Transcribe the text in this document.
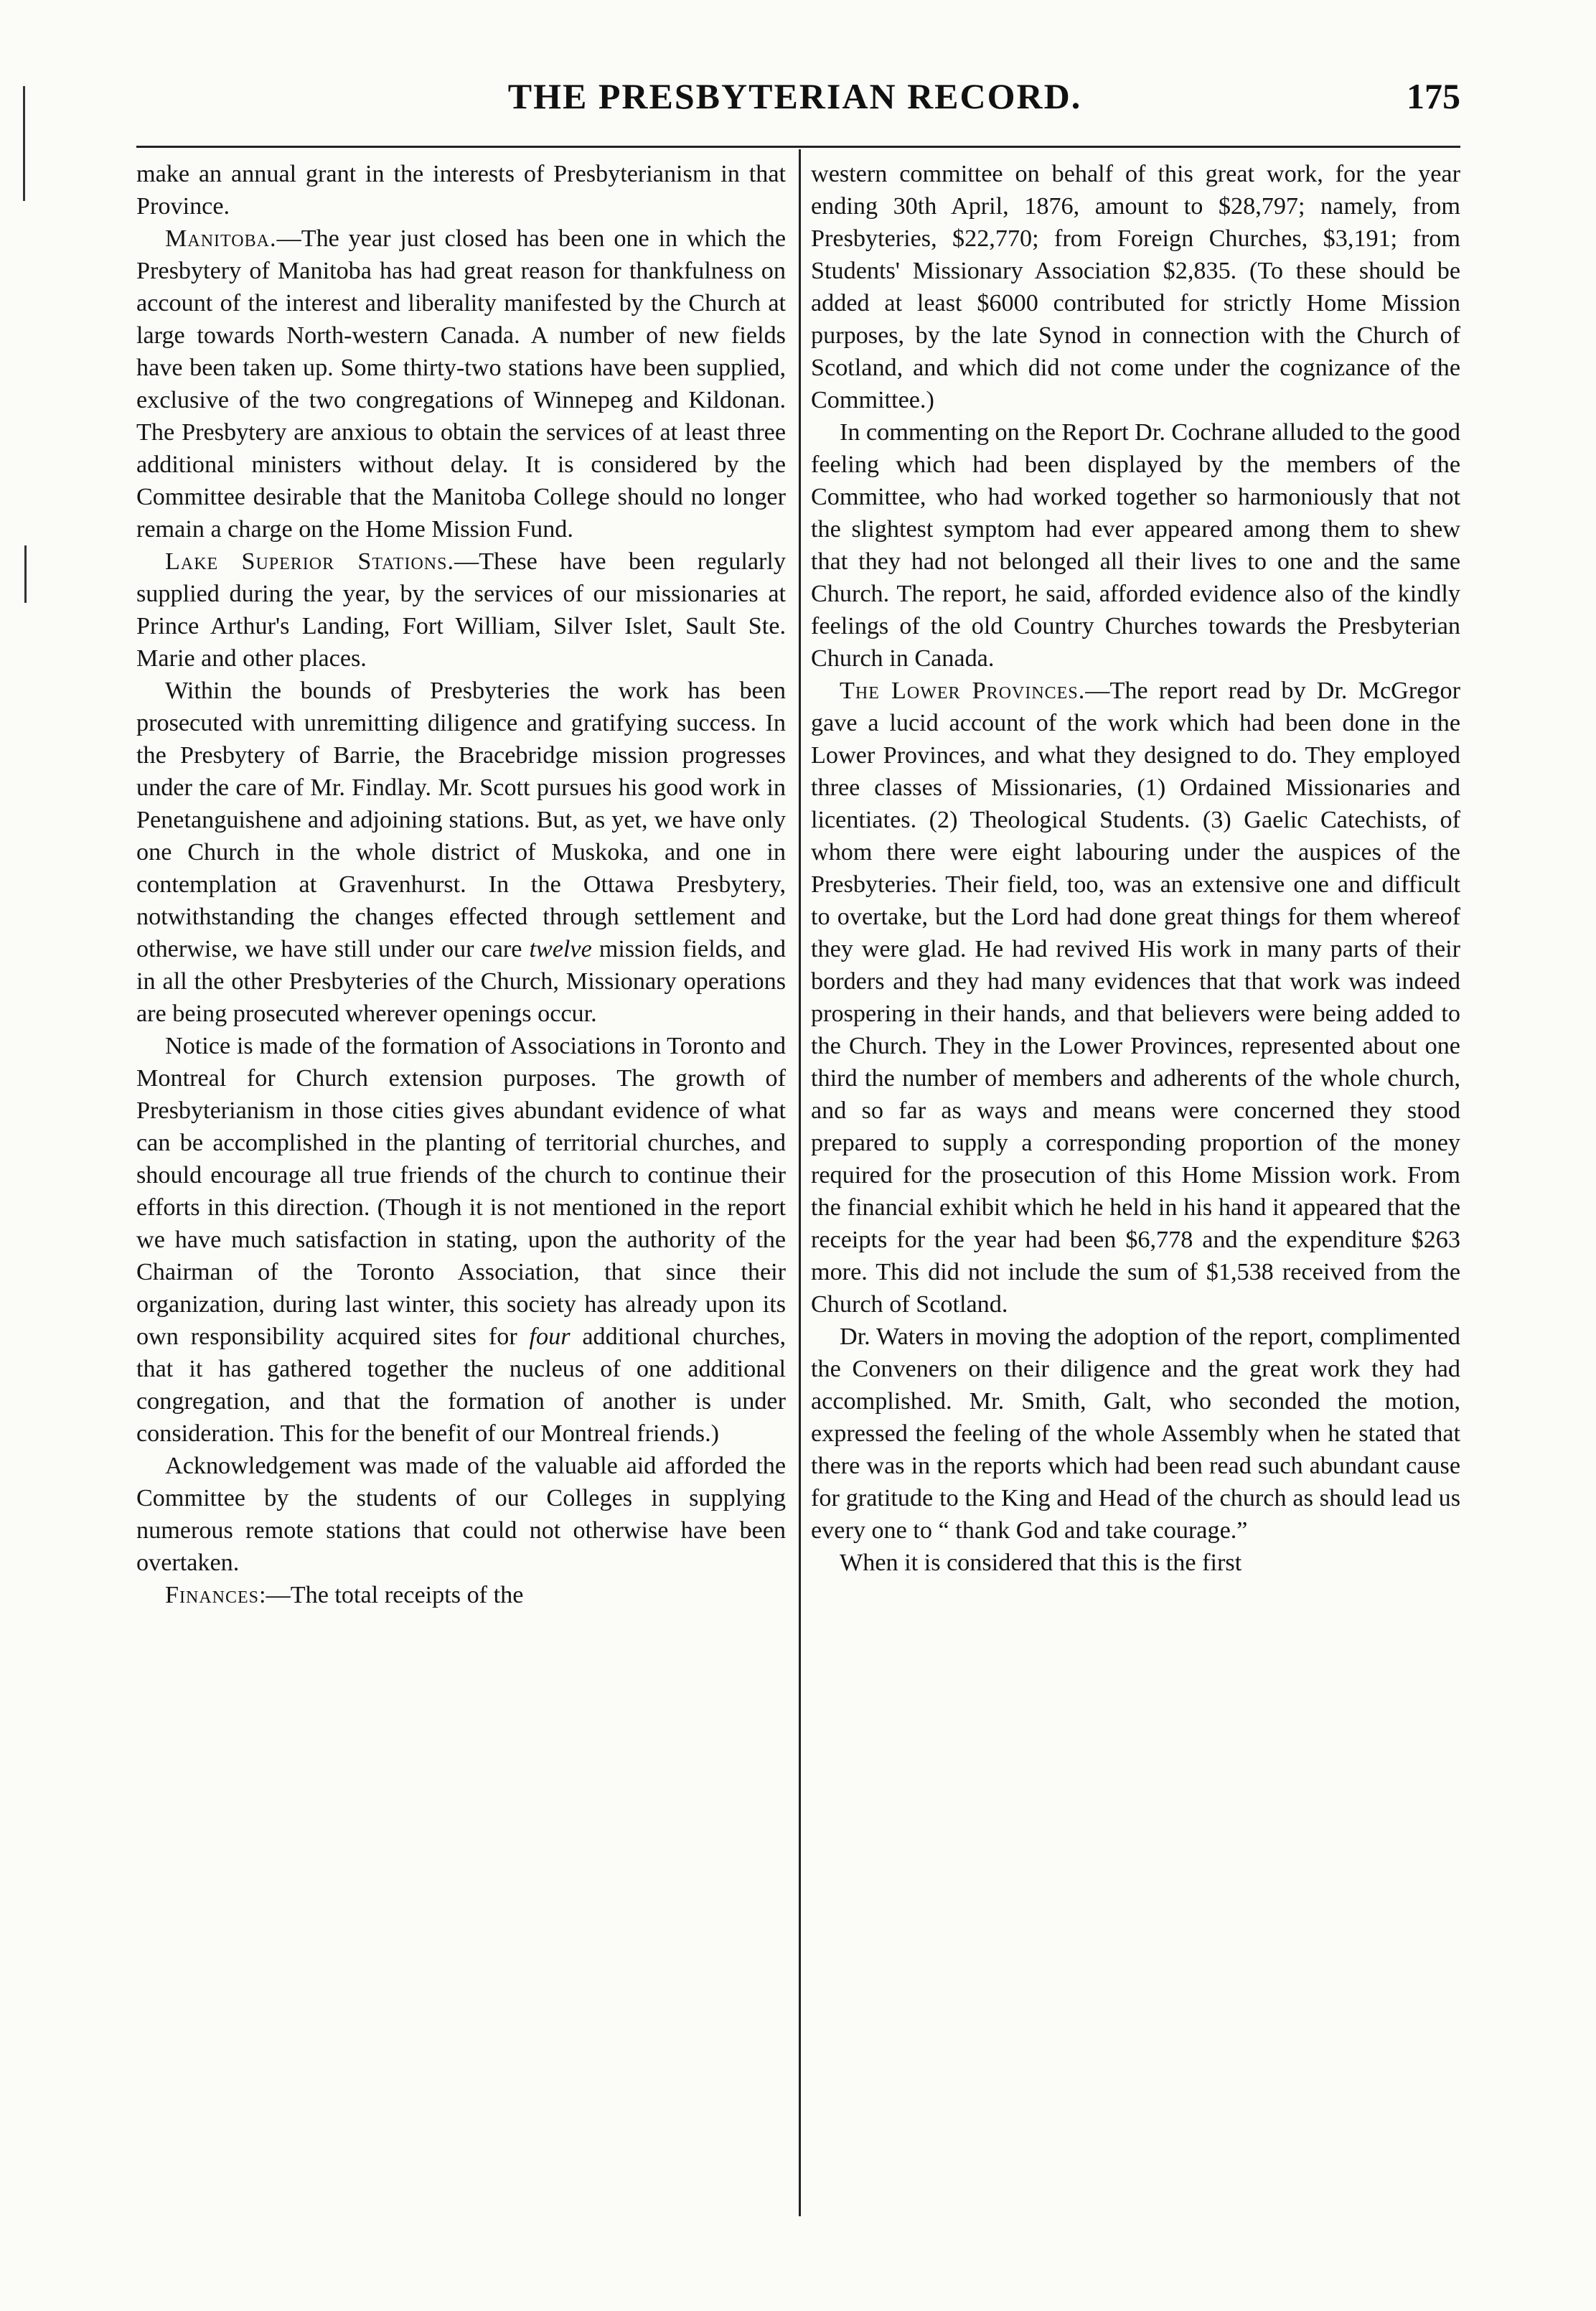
THE PRESBYTERIAN RECORD.	175

make an annual grant in the interests of Presbyterianism in that Province.

Manitoba.—The year just closed has been one in which the Presbytery of Manitoba has had great reason for thankfulness on account of the interest and liberality manifested by the Church at large towards North-western Canada. A number of new fields have been taken up. Some thirty-two stations have been supplied, exclusive of the two congregations of Winnepeg and Kildonan. The Presbytery are anxious to obtain the services of at least three additional ministers without delay. It is considered by the Committee desirable that the Manitoba College should no longer remain a charge on the Home Mission Fund.

Lake Superior Stations.—These have been regularly supplied during the year, by the services of our missionaries at Prince Arthur's Landing, Fort William, Silver Islet, Sault Ste. Marie and other places.

Within the bounds of Presbyteries the work has been prosecuted with unremitting diligence and gratifying success. In the Presbytery of Barrie, the Bracebridge mission progresses under the care of Mr. Findlay. Mr. Scott pursues his good work in Penetanguishene and adjoining stations. But, as yet, we have only one Church in the whole district of Muskoka, and one in contemplation at Gravenhurst. In the Ottawa Presbytery, notwithstanding the changes effected through settlement and otherwise, we have still under our care twelve mission fields, and in all the other Presbyteries of the Church, Missionary operations are being prosecuted wherever openings occur.

Notice is made of the formation of Associations in Toronto and Montreal for Church extension purposes. The growth of Presbyterianism in those cities gives abundant evidence of what can be accomplished in the planting of territorial churches, and should encourage all true friends of the church to continue their efforts in this direction. (Though it is not mentioned in the report we have much satisfaction in stating, upon the authority of the Chairman of the Toronto Association, that since their organization, during last winter, this society has already upon its own responsibility acquired sites for four additional churches, that it has gathered together the nucleus of one additional congregation, and that the formation of another is under consideration. This for the benefit of our Montreal friends.)

Acknowledgement was made of the valuable aid afforded the Committee by the students of our Colleges in supplying numerous remote stations that could not otherwise have been overtaken.

Finances:—The total receipts of the

western committee on behalf of this great work, for the year ending 30th April, 1876, amount to $28,797; namely, from Presbyteries, $22,770; from Foreign Churches, $3,191; from Students' Missionary Association $2,835. (To these should be added at least $6000 contributed for strictly Home Mission purposes, by the late Synod in connection with the Church of Scotland, and which did not come under the cognizance of the Committee.)

In commenting on the Report Dr. Cochrane alluded to the good feeling which had been displayed by the members of the Committee, who had worked together so harmoniously that not the slightest symptom had ever appeared among them to shew that they had not belonged all their lives to one and the same Church. The report, he said, afforded evidence also of the kindly feelings of the old Country Churches towards the Presbyterian Church in Canada.

The Lower Provinces.—The report read by Dr. McGregor gave a lucid account of the work which had been done in the Lower Provinces, and what they designed to do. They employed three classes of Missionaries, (1) Ordained Missionaries and licentiates. (2) Theological Students. (3) Gaelic Catechists, of whom there were eight labouring under the auspices of the Presbyteries. Their field, too, was an extensive one and difficult to overtake, but the Lord had done great things for them whereof they were glad. He had revived His work in many parts of their borders and they had many evidences that that work was indeed prospering in their hands, and that believers were being added to the Church. They in the Lower Provinces, represented about one third the number of members and adherents of the whole church, and so far as ways and means were concerned they stood prepared to supply a corresponding proportion of the money required for the prosecution of this Home Mission work. From the financial exhibit which he held in his hand it appeared that the receipts for the year had been $6,778 and the expenditure $263 more. This did not include the sum of $1,538 received from the Church of Scotland.

Dr. Waters in moving the adoption of the report, complimented the Conveners on their diligence and the great work they had accomplished. Mr. Smith, Galt, who seconded the motion, expressed the feeling of the whole Assembly when he stated that there was in the reports which had been read such abundant cause for gratitude to the King and Head of the church as should lead us every one to “ thank God and take courage.”

When it is considered that this is the first
